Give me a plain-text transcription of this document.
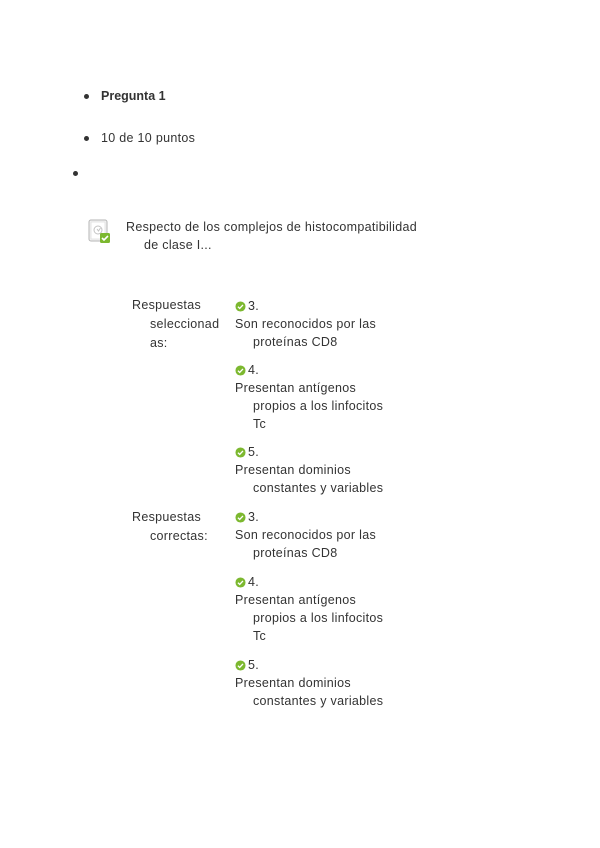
Pregunta 1
10 de 10 puntos
Respecto de los complejos de histocompatibilidad
de clase I...
Respuestas
seleccionad
as:
3.
Son reconocidos por las
proteínas CD8
4.
Presentan antígenos
propios a los linfocitos
Tc
5.
Presentan dominios
constantes y variables
Respuestas
correctas:
3.
Son reconocidos por las
proteínas CD8
4.
Presentan antígenos
propios a los linfocitos
Tc
5.
Presentan dominios
constantes y variables
